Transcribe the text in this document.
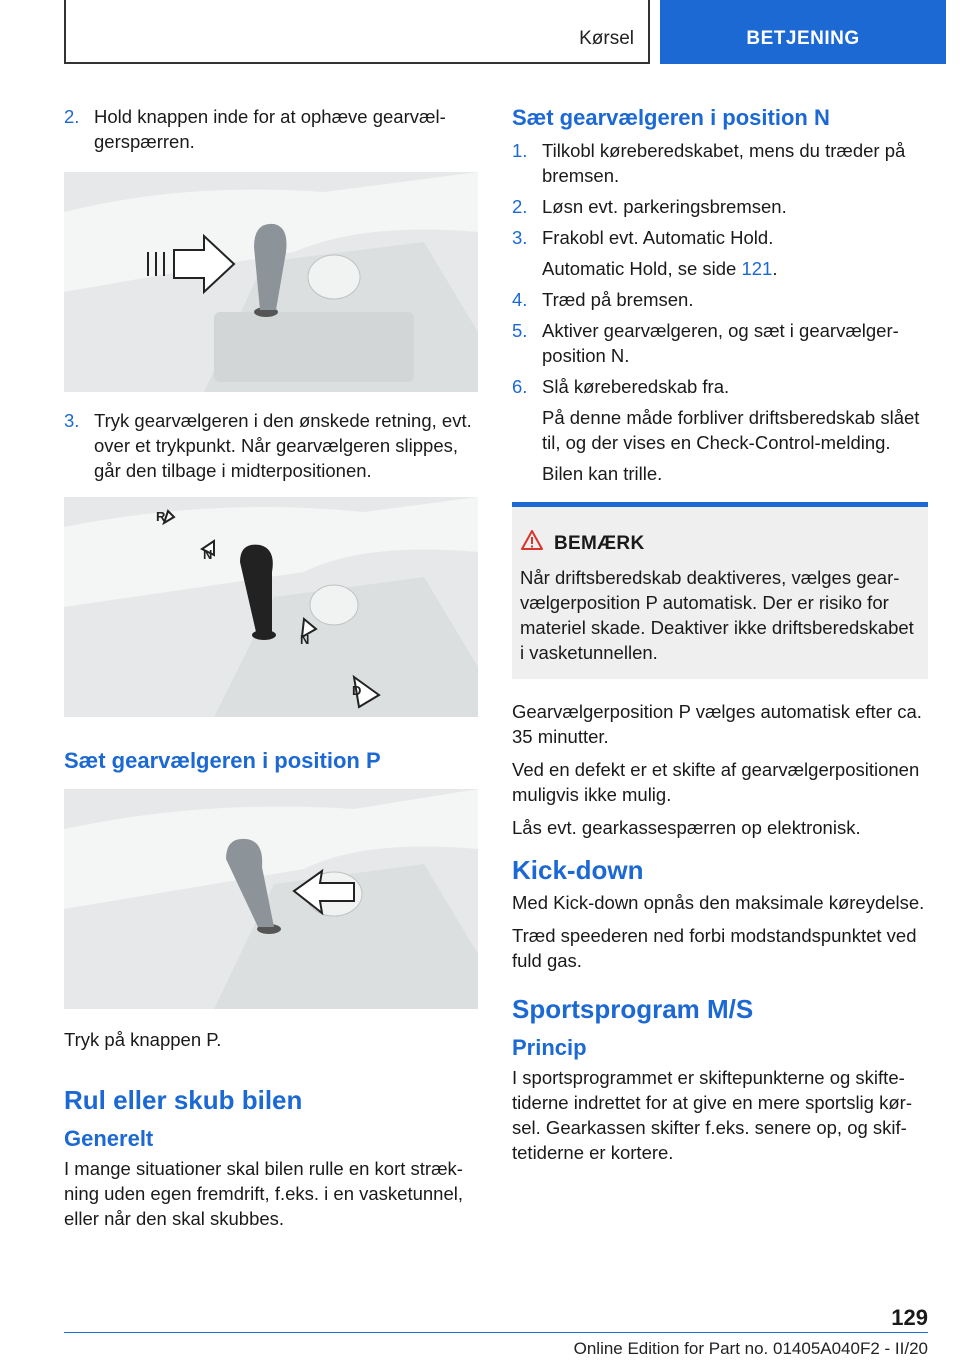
Kørsel	BETJENING
2. Hold knappen inde for at ophæve gearvælgerspærren.
3. Tryk gearvælgeren i den ønskede retning, evt. over et trykpunkt. Når gearvælgeren slippes, går den tilbage i midterpositionen.
R
N
N
D
Sæt gearvælgeren i position P

Tryk på knappen P.

Rul eller skub bilen
Generelt

I mange situationer skal bilen rulle en kort strækning uden egen fremdrift, f.eks. i en vasketunnel, eller når den skal skubbes.

Sæt gearvælgeren i position N
1. Tilkobl køreberedskabet, mens du træder på bremsen.
2. Løsn evt. parkeringsbremsen.
3. Frakobl evt. Automatic Hold.
Automatic Hold, se side 121.
4. Træd på bremsen.
5. Aktiver gearvælgeren, og sæt i gearvælgerposition N.
6. Slå køreberedskab fra.
På denne måde forbliver driftsberedskab slået til, og der vises en Check-Control-melding.
Bilen kan trille.
BEMÆRK
Når driftsberedskab deaktiveres, vælges gearvælgerposition P automatisk. Der er risiko for materiel skade. Deaktiver ikke driftsberedskabet i vasketunnellen.

Gearvælgerposition P vælges automatisk efter ca. 35 minutter.

Ved en defekt er et skifte af gearvælgerpositionen muligvis ikke mulig.

Lås evt. gearkassespærren op elektronisk.

Kick-down

Med Kick-down opnås den maksimale køreydelse.

Træd speederen ned forbi modstandspunktet ved fuld gas.

Sportsprogram M/S
Princip

I sportsprogrammet er skiftepunkterne og skiftetiderne indrettet for at give en mere sportslig kørsel. Gearkassen skifter f.eks. senere op, og skiftetiderne er kortere.

129
Online Edition for Part no. 01405A040F2 - II/20
